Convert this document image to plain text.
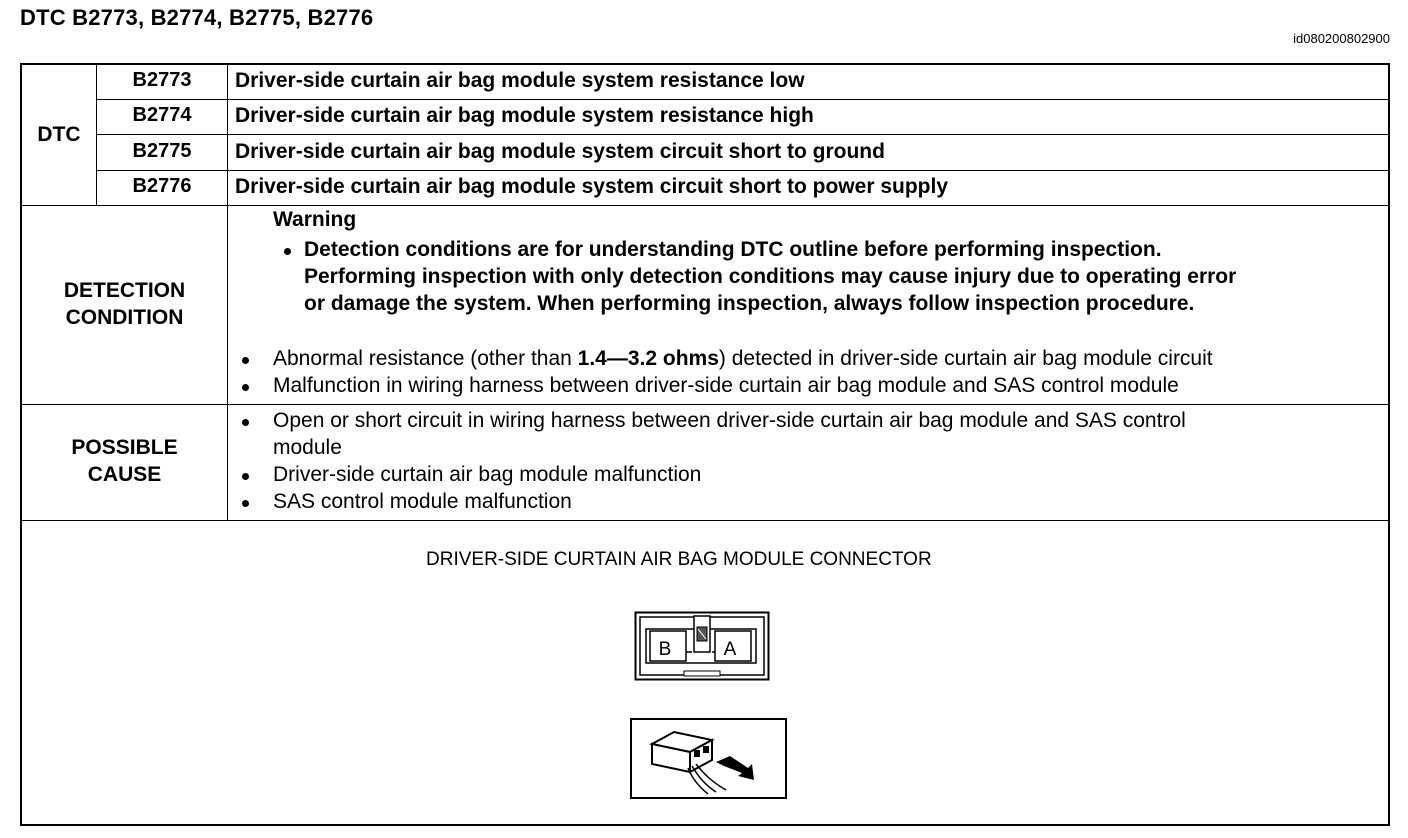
DTC B2773, B2774, B2775, B2776
id080200802900
DTC
B2773	Driver-side curtain air bag module system resistance low
B2774	Driver-side curtain air bag module system resistance high
B2775	Driver-side curtain air bag module system circuit short to ground
B2776	Driver-side curtain air bag module system circuit short to power supply
DETECTION
CONDITION
Warning
Detection conditions are for understanding DTC outline before performing inspection.
Performing inspection with only detection conditions may cause injury due to operating error
or damage the system. When performing inspection, always follow inspection procedure.
Abnormal resistance (other than 1.4—3.2 ohms) detected in driver-side curtain air bag module circuit
Malfunction in wiring harness between driver-side curtain air bag module and SAS control module
POSSIBLE
CAUSE
Open or short circuit in wiring harness between driver-side curtain air bag module and SAS control
module
Driver-side curtain air bag module malfunction
SAS control module malfunction
DRIVER-SIDE CURTAIN AIR BAG MODULE CONNECTOR
B	A
